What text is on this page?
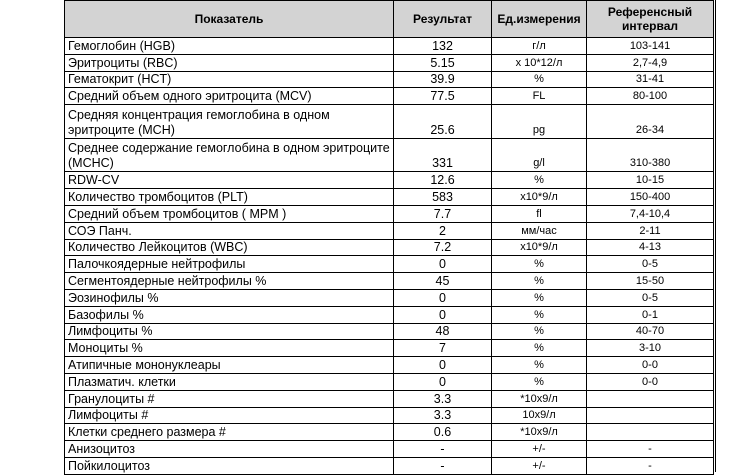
Показатель	Результат	Ед.измерения	Референсный интервал
Гемоглобин (HGB)	132	г/л	103-141
Эритроциты (RBC)	5.15	х 10*12/л	2,7-4,9
Гематокрит (HCT)	39.9	%	31-41
Средний объем одного эритроцита (MCV)	77.5	FL	80-100
Средняя концентрация гемоглобина в одном эритроците (MCH)	25.6	pg	26-34
Среднее содержание гемоглобина в одном эритроците (MCHC)	331	g/l	310-380
RDW-CV	12.6	%	10-15
Количество тромбоцитов (PLT)	583	x10*9/л	150-400
Средний объем тромбоцитов ( MPM )	7.7	fl	7,4-10,4
СОЭ Панч.	2	мм/час	2-11
Количество Лейкоцитов (WBC)	7.2	x10*9/л	4-13
Палочкоядерные нейтрофилы	0	%	0-5
Сегментоядерные нейтрофилы %	45	%	15-50
Эозинофилы %	0	%	0-5
Базофилы %	0	%	0-1
Лимфоциты %	48	%	40-70
Моноциты %	7	%	3-10
Атипичные мононуклеары	0	%	0-0
Плазматич. клетки	0	%	0-0
Гранулоциты #	3.3	*10x9/л	
Лимфоциты #	3.3	10x9/л	
Клетки среднего размера #	0.6	*10x9/л	
Анизоцитоз	-	+/-	-
Пойкилоцитоз	-	+/-	-
